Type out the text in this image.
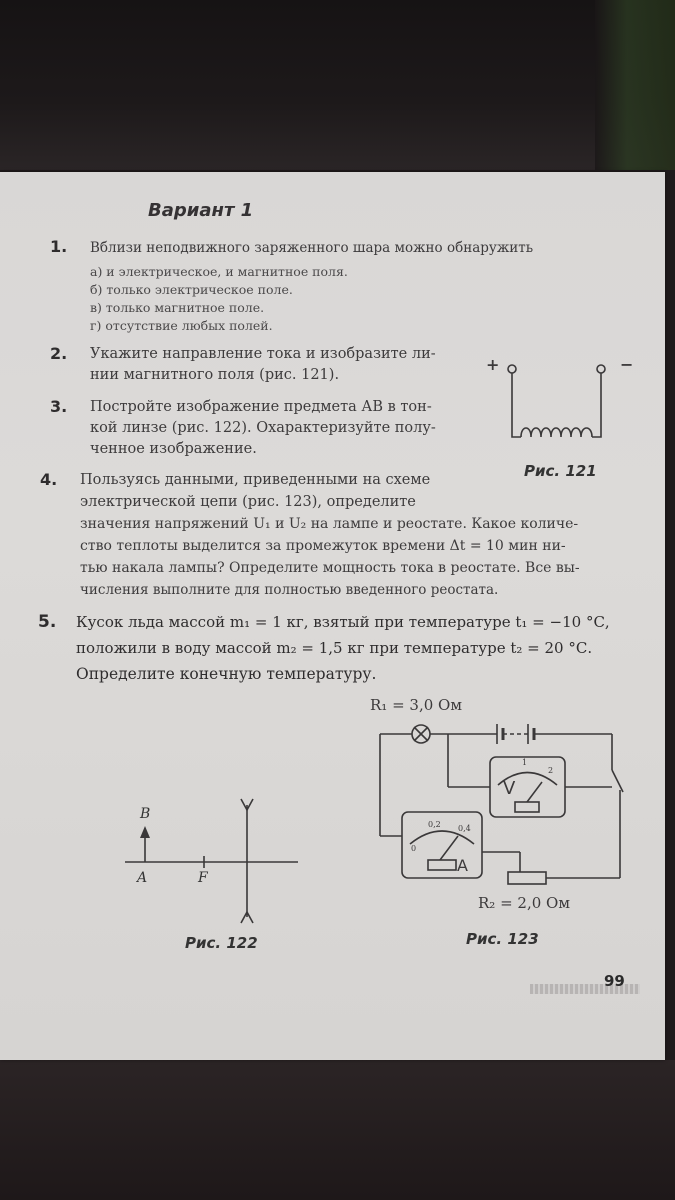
Вариант 1
1. Вблизи неподвижного заряженного шара можно обнаружить
а) и электрическое, и магнитное поля.
б) только электрическое поле.
в) только магнитное поле.
г) отсутствие любых полей.
2. Укажите направление тока и изобразите ли-
нии магнитного поля (рис. 121).
3. Постройте изображение предмета АВ в тон-
кой линзе (рис. 122). Охарактеризуйте полу-
ченное изображение.
4. Пользуясь данными, приведенными на схеме
электрической цепи (рис. 123), определите
значения напряжений U₁ и U₂ на лампе и реостате. Какое количе-
ство теплоты выделится за промежуток времени Δt = 10 мин ни-
тью накала лампы? Определите мощность тока в реостате. Все вы-
числения выполните для полностью введенного реостата.
5. Кусок льда массой m₁ = 1 кг, взятый при температуре t₁ = −10 °С,
положили в воду массой m₂ = 1,5 кг при температуре t₂ = 20 °С.
Определите конечную температуру.
+	−
Рис. 121
B
A	F
Рис. 122
R₁ = 3,0 Ом
V
1
2
A
0
0,2 0,4
R₂ = 2,0 Ом
Рис. 123
99
